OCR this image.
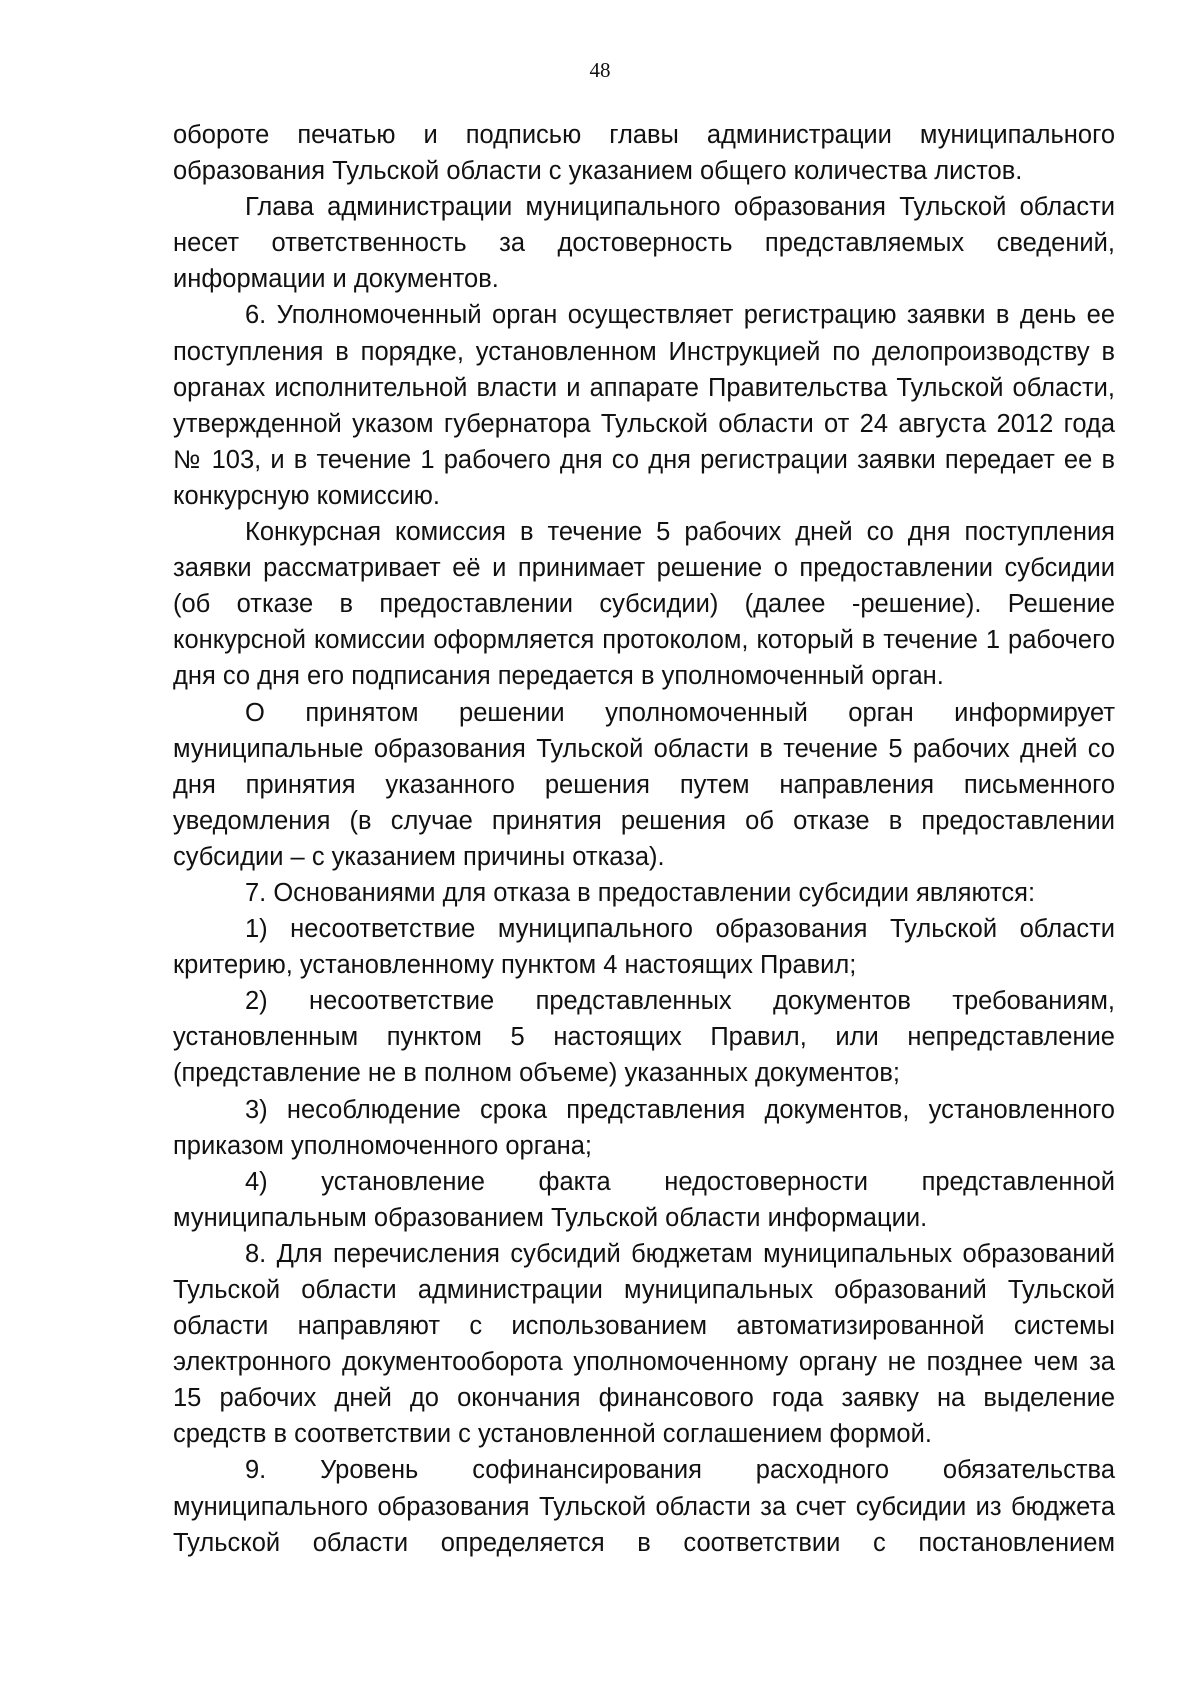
48

обороте печатью и подписью главы администрации муниципального образования Тульской области с указанием общего количества листов.

Глава администрации муниципального образования Тульской области несет ответственность за достоверность представляемых сведений, информации и документов.

6. Уполномоченный орган осуществляет регистрацию заявки в день ее поступления в порядке, установленном Инструкцией по делопроизводству в органах исполнительной власти и аппарате Правительства Тульской области, утвержденной указом губернатора Тульской области от 24 августа 2012 года № 103, и в течение 1 рабочего дня со дня регистрации заявки передает ее в конкурсную комиссию.

Конкурсная комиссия в течение 5 рабочих дней со дня поступления заявки рассматривает её и принимает решение о предоставлении субсидии (об отказе в предоставлении субсидии) (далее -решение). Решение конкурсной комиссии оформляется протоколом, который в течение 1 рабочего дня со дня его подписания передается в уполномоченный орган.

О принятом решении уполномоченный орган информирует муниципальные образования Тульской области в течение 5 рабочих дней со дня принятия указанного решения путем направления письменного уведомления (в случае принятия решения об отказе в предоставлении субсидии – с указанием причины отказа).

7. Основаниями для отказа в предоставлении субсидии являются:

1) несоответствие муниципального образования Тульской области критерию, установленному пунктом 4 настоящих Правил;

2) несоответствие представленных документов требованиям, установленным пунктом 5 настоящих Правил, или непредставление (представление не в полном объеме) указанных документов;

3) несоблюдение срока представления документов, установленного приказом уполномоченного органа;

4) установление факта недостоверности представленной муниципальным образованием Тульской области информации.

8. Для перечисления субсидий бюджетам муниципальных образований Тульской области администрации муниципальных образований Тульской области направляют с использованием автоматизированной системы электронного документооборота уполномоченному органу не позднее чем за 15 рабочих дней до окончания финансового года заявку на выделение средств в соответствии с установленной соглашением формой.

9. Уровень софинансирования расходного обязательства муниципального образования Тульской области за счет субсидии из бюджета Тульской области определяется в соответствии с постановлением
